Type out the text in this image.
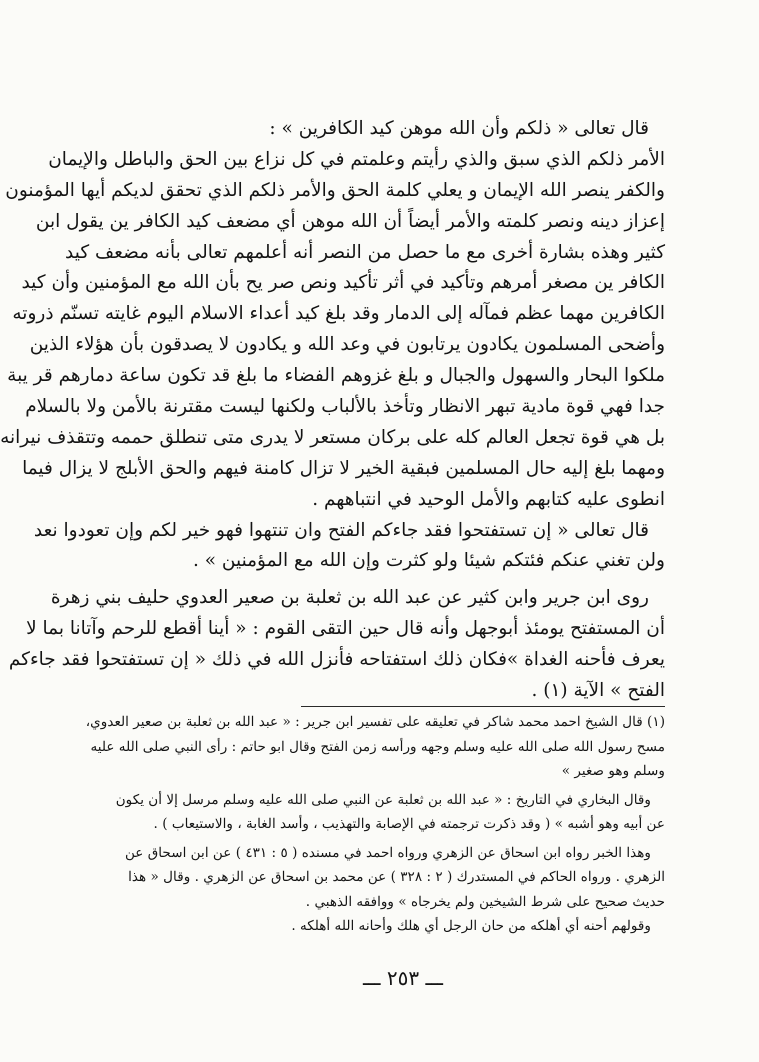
قال تعالى « ذلكم وأن الله موهن كيد الكافرين » :
الأمر ذلكم الذي سبق والذي رأيتم وعلمتم في كل نزاع بين الحق والباطل والإيمان
والكفر ينصر الله الإيمان و يعلي كلمة الحق والأمر ذلكم الذي تحقق لديكم أيها المؤمنون
إعزاز دينه ونصر كلمته والأمر أيضاً أن الله موهن أي مضعف كيد الكافر ين يقول ابن
كثير وهذه بشارة أخرى مع ما حصل من النصر أنه أعلمهم تعالى بأنه مضعف كيد
الكافر ين مصغر أمرهم وتأكيد في أثر تأكيد ونص صر يح بأن الله مع المؤمنين وأن كيد
الكافرين مهما عظم فمآله إلى الدمار وقد بلغ كيد أعداء الاسلام اليوم غايته تسنّم ذروته
وأضحى المسلمون يكادون يرتابون في وعد الله و يكادون لا يصدقون بأن هؤلاء الذين
ملكوا البحار والسهول والجبال و بلغ غزوهم الفضاء ما بلغ قد تكون ساعة دمارهم قر يبة
جدا فهي قوة مادية تبهر الانظار وتأخذ بالألباب ولكنها ليست مقترنة بالأمن ولا بالسلام
بل هي قوة تجعل العالم كله على بركان مستعر لا يدرى متى تنطلق حممه وتتقذف نيرانه
ومهما بلغ إليه حال المسلمين فبقية الخير لا تزال كامنة فيهم والحق الأبلج لا يزال فيما
انطوى عليه كتابهم والأمل الوحيد في انتباههم .
قال تعالى « إن تستفتحوا فقد جاءكم الفتح وان تنتهوا فهو خير لكم وإن تعودوا نعد
ولن تغني عنكم فئتكم شيئا ولو كثرت وإن الله مع المؤمنين » .
روى ابن جرير وابن كثير عن عبد الله بن ثعلبة بن صعير العدوي حليف بني زهرة
أن المستفتح يومئذ أبوجهل وأنه قال حين التقى القوم : « أينا أقطع للرحم وآتانا بما لا
يعرف فأحنه الغداة »فكان ذلك استفتاحه فأنزل الله في ذلك « إن تستفتحوا فقد جاءكم
الفتح » الآية (١) .
(١) قال الشيخ احمد محمد شاكر في تعليقه على تفسير ابن جرير : « عبد الله بن ثعلبة بن صعير العدوي،
مسح رسول الله صلى الله عليه وسلم وجهه ورأسه زمن الفتح وقال ابو حاتم : رأى النبي صلى الله عليه
وسلم وهو صغير »
وقال البخاري في التاريخ : « عبد الله بن ثعلبة عن النبي صلى الله عليه وسلم مرسل إلا أن يكون
عن أبيه وهو أشبه » ( وقد ذكرت ترجمته في الإصابة والتهذيب ، وأسد الغابة ، والاستيعاب ) .
وهذا الخبر رواه ابن اسحاق عن الزهري ورواه احمد في مسنده ( ٥ : ٤٣١ ) عن ابن اسحاق عن
الزهري . ورواه الحاكم في المستدرك ( ٢ : ٣٢٨ ) عن محمد بن اسحاق عن الزهري . وقال « هذا
حديث صحيح على شرط الشيخين ولم يخرجاه » ووافقه الذهبي .
وقولهم أحنه أي أهلكه من حان الرجل أي هلك وأحانه الله أهلكه .
ـــ ٢٥٣ ـــ
